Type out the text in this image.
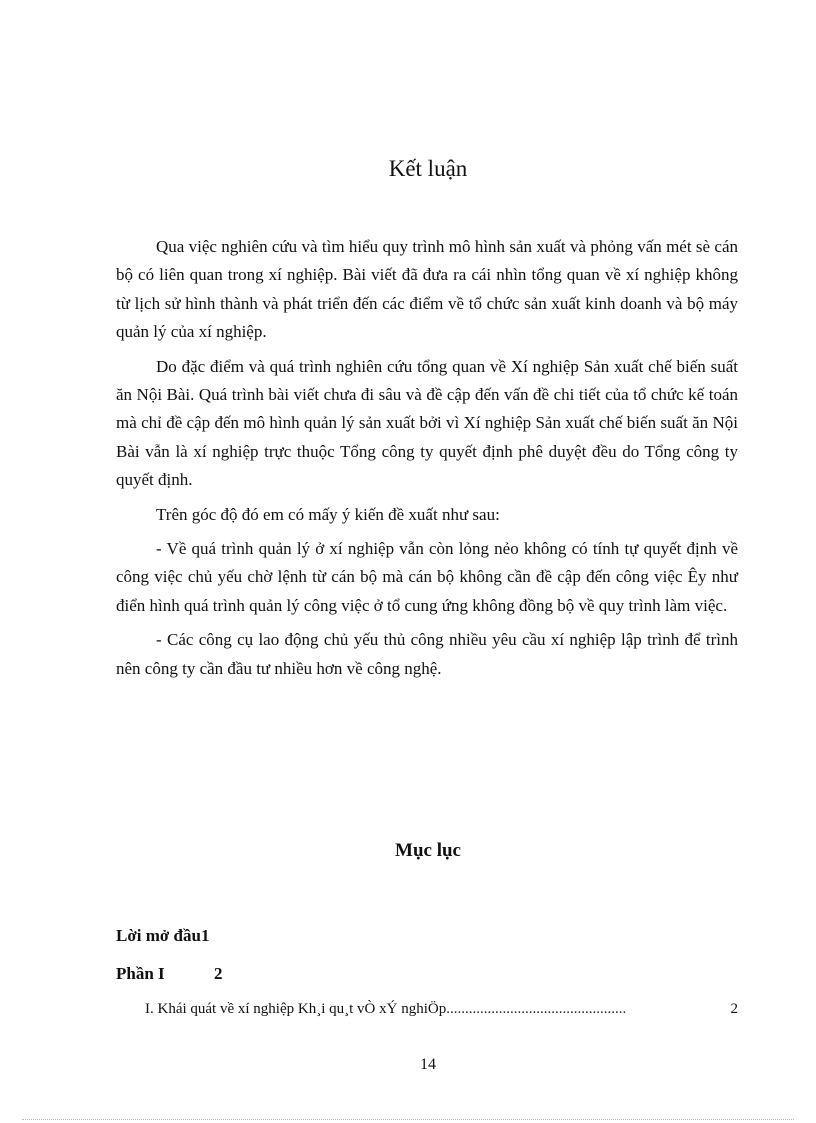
Kết luận

Qua việc nghiên cứu và tìm hiểu quy trình mô hình sản xuất và phỏng vấn mét sè cán bộ có liên quan trong xí nghiệp. Bài viết đã đưa ra cái nhìn tổng quan về xí nghiệp không từ lịch sử hình thành và phát triển đến các điểm về tổ chức sản xuất kinh doanh và bộ máy quản lý của xí nghiệp.

Do đặc điểm và quá trình nghiên cứu tổng quan về Xí nghiệp Sản xuất chế biến suất ăn Nội Bài. Quá trình bài viết chưa đi sâu và đề cập đến vấn đề chi tiết của tổ chức kế toán mà chỉ đề cập đến mô hình quản lý sản xuất bởi vì Xí nghiệp Sản xuất chế biến suất ăn Nội Bài vẫn là xí nghiệp trực thuộc Tổng công ty quyết định phê duyệt đều do Tổng công ty quyết định.

Trên góc độ đó em có mấy ý kiến đề xuất như sau:

- Về quá trình quản lý ở xí nghiệp vẫn còn lỏng nẻo không có tính tự quyết định về công việc chủ yếu chờ lệnh từ cán bộ mà cán bộ không cần đề cập đến công việc Êy như điển hình quá trình quản lý công việc ở tổ cung ứng không đồng bộ về quy trình làm việc.

- Các công cụ lao động chủ yếu thủ công nhiều yêu cầu xí nghiệp lập trình để trình nên công ty cần đầu tư nhiều hơn về công nghệ.

Mục lục
Lời mở đầu1
Phần I	2
I. Khái quát về xí nghiệp Kh¸i qu¸t vÒ xÝ nghiÖp................................................	2
14
